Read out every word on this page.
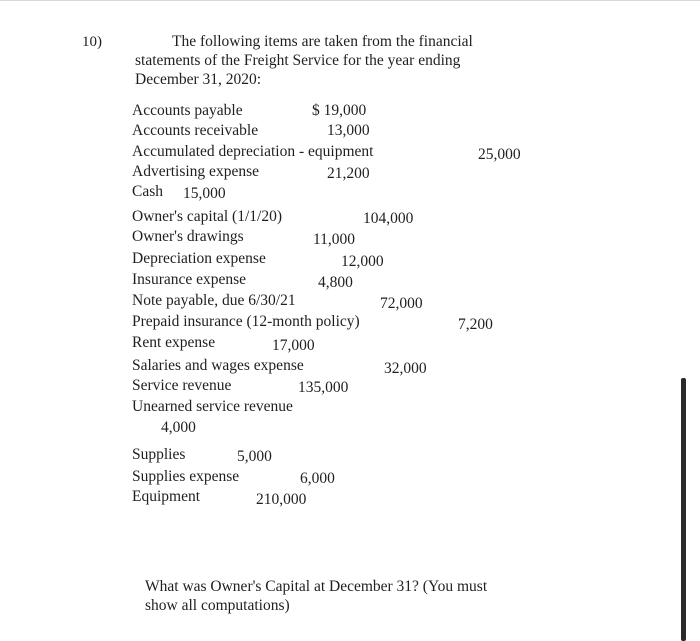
10)	The following items are taken from the financial
statements of the Freight Service for the year ending
December 31, 2020:
Accounts payable	$ 19,000
Accounts receivable	13,000
Accumulated depreciation - equipment	25,000
Advertising expense	21,200
Cash 15,000
Owner's capital (1/1/20)	104,000
Owner's drawings	11,000
Depreciation expense	12,000
Insurance expense	4,800
Note payable, due 6/30/21	72,000
Prepaid insurance (12-month policy)	7,200
Rent expense	17,000
Salaries and wages expense	32,000
Service revenue	135,000
Unearned service revenue
4,000
Supplies	5,000
Supplies expense	6,000
Equipment	210,000
What was Owner's Capital at December 31? (You must
show all computations)
